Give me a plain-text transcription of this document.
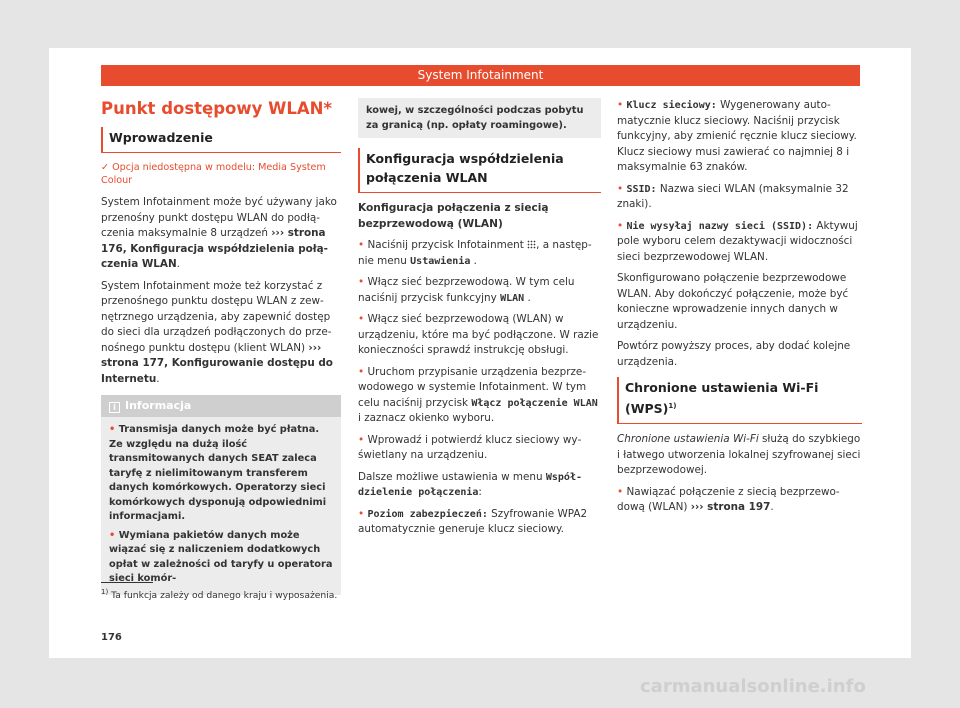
System Infotainment
Punkt dostępowy WLAN*
Wprowadzenie

✓ Opcja niedostępna w modelu: Media System Colour

System Infotainment może być używany jako przenośny punkt dostępu WLAN do podłączenia maksymalnie 8 urządzeń ››› strona 176, Konfiguracja współdzielenia połączenia WLAN.

System Infotainment może też korzystać z przenośnego punktu dostępu WLAN z zewnętrznego urządzenia, aby zapewnić dostęp do sieci dla urządzeń podłączonych do przenośnego punktu dostępu (klient WLAN) ››› strona 177, Konfigurowanie dostępu do Internetu.

i Informacja

• Transmisja danych może być płatna. Ze względu na dużą ilość transmitowanych danych SEAT zaleca taryfę z nielimitowanym transferem danych komórkowych. Operatorzy sieci komórkowych dysponują odpowiednimi informacjami.

• Wymiana pakietów danych może wiązać się z naliczeniem dodatkowych opłat w zależności od taryfy u operatora sieci komór-

$^{1)}$ Ta funkcja zależy od danego kraju i wyposażenia.
176
kowej, w szczególności podczas pobytu za granicą (np. opłaty roamingowe).
Konfiguracja współdzielenia połączenia WLAN

Konfiguracja połączenia z siecią bezprzewodową (WLAN)

• Naciśnij przycisk Infotainment , a następnie menu Ustawienia .

• Włącz sieć bezprzewodową. W tym celu naciśnij przycisk funkcyjny WLAN .

• Włącz sieć bezprzewodową (WLAN) w urządzeniu, które ma być podłączone. W razie konieczności sprawdź instrukcję obsługi.

• Uruchom przypisanie urządzenia bezprzewodowego w systemie Infotainment. W tym celu naciśnij przycisk Włącz połączenie WLAN i zaznacz okienko wyboru.

• Wprowadź i potwierdź klucz sieciowy wyświetlany na urządzeniu.

Dalsze możliwe ustawienia w menu Współdzielenie połączenia:

• Poziom zabezpieczeń: Szyfrowanie WPA2 automatycznie generuje klucz sieciowy.

• Klucz sieciowy: Wygenerowany automatycznie klucz sieciowy. Naciśnij przycisk funkcyjny, aby zmienić ręcznie klucz sieciowy. Klucz sieciowy musi zawierać co najmniej 8 i maksymalnie 63 znaków.

• SSID: Nazwa sieci WLAN (maksymalnie 32 znaki).

• Nie wysyłaj nazwy sieci (SSID): Aktywuj pole wyboru celem dezaktywacji widoczności sieci bezprzewodowej WLAN.

Skonfigurowano połączenie bezprzewodowe WLAN. Aby dokończyć połączenie, może być konieczne wprowadzenie innych danych w urządzeniu.

Powtórz powyższy proces, aby dodać kolejne urządzenia.

Chronione ustawienia Wi-Fi (WPS)$^{1)}$

Chronione ustawienia Wi-Fi służą do szybkiego i łatwego utworzenia lokalnej szyfrowanej sieci bezprzewodowej.

• Nawiązać połączenie z siecią bezprzewodową (WLAN) ››› strona 197.

carmanualsonline.info
